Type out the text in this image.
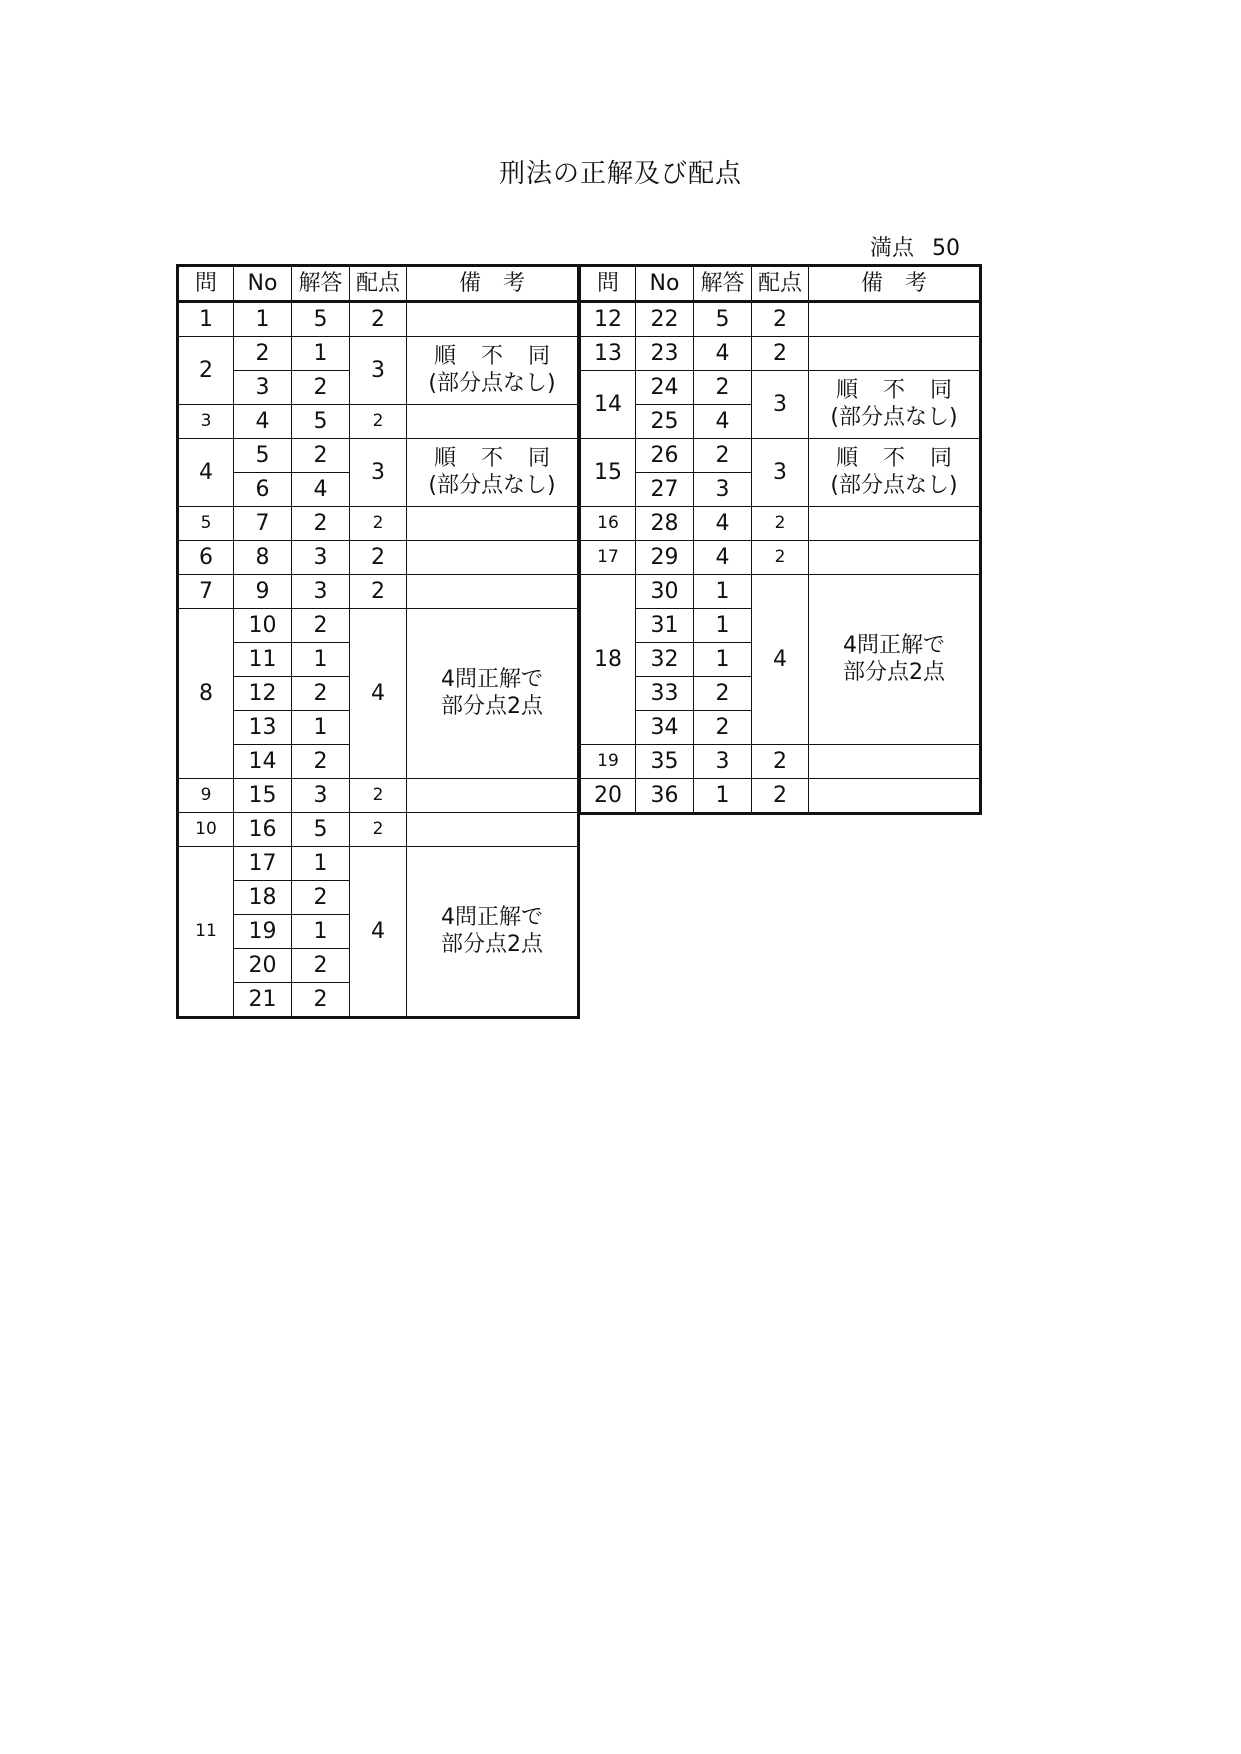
刑法の正解及び配点
満点 50
問	No	解答	配点	備考
1	1	5	2	
2	2	1	3	順 不 同
(部分点なし)

	3	2		
3	4	5	2	
4	5	2	3	順 不 同
(部分点なし)

	6	4		
5	7	2	2	
6	8	3	2	
7	9	3	2	
8	10	2	4	4問正解で
部分点2点

	11	1		
	12	2		
	13	1		
	14	2		
9	15	3	2	
10	16	5	2	
11	17	1	4	4問正解で
部分点2点

	18	2		
	19	1		
	20	2		
	21	2		
問	No	解答	配点	備考
12	22	5	2	
13	23	4	2	
14	24	2	3	順 不 同
(部分点なし)

	25	4		
15	26	2	3	順 不 同
(部分点なし)

	27	3		
16	28	4	2	
17	29	4	2	
18	30	1	4	4問正解で
部分点2点

	31	1		
	32	1		
	33	2		
	34	2		
19	35	3	2	
20	36	1	2	
